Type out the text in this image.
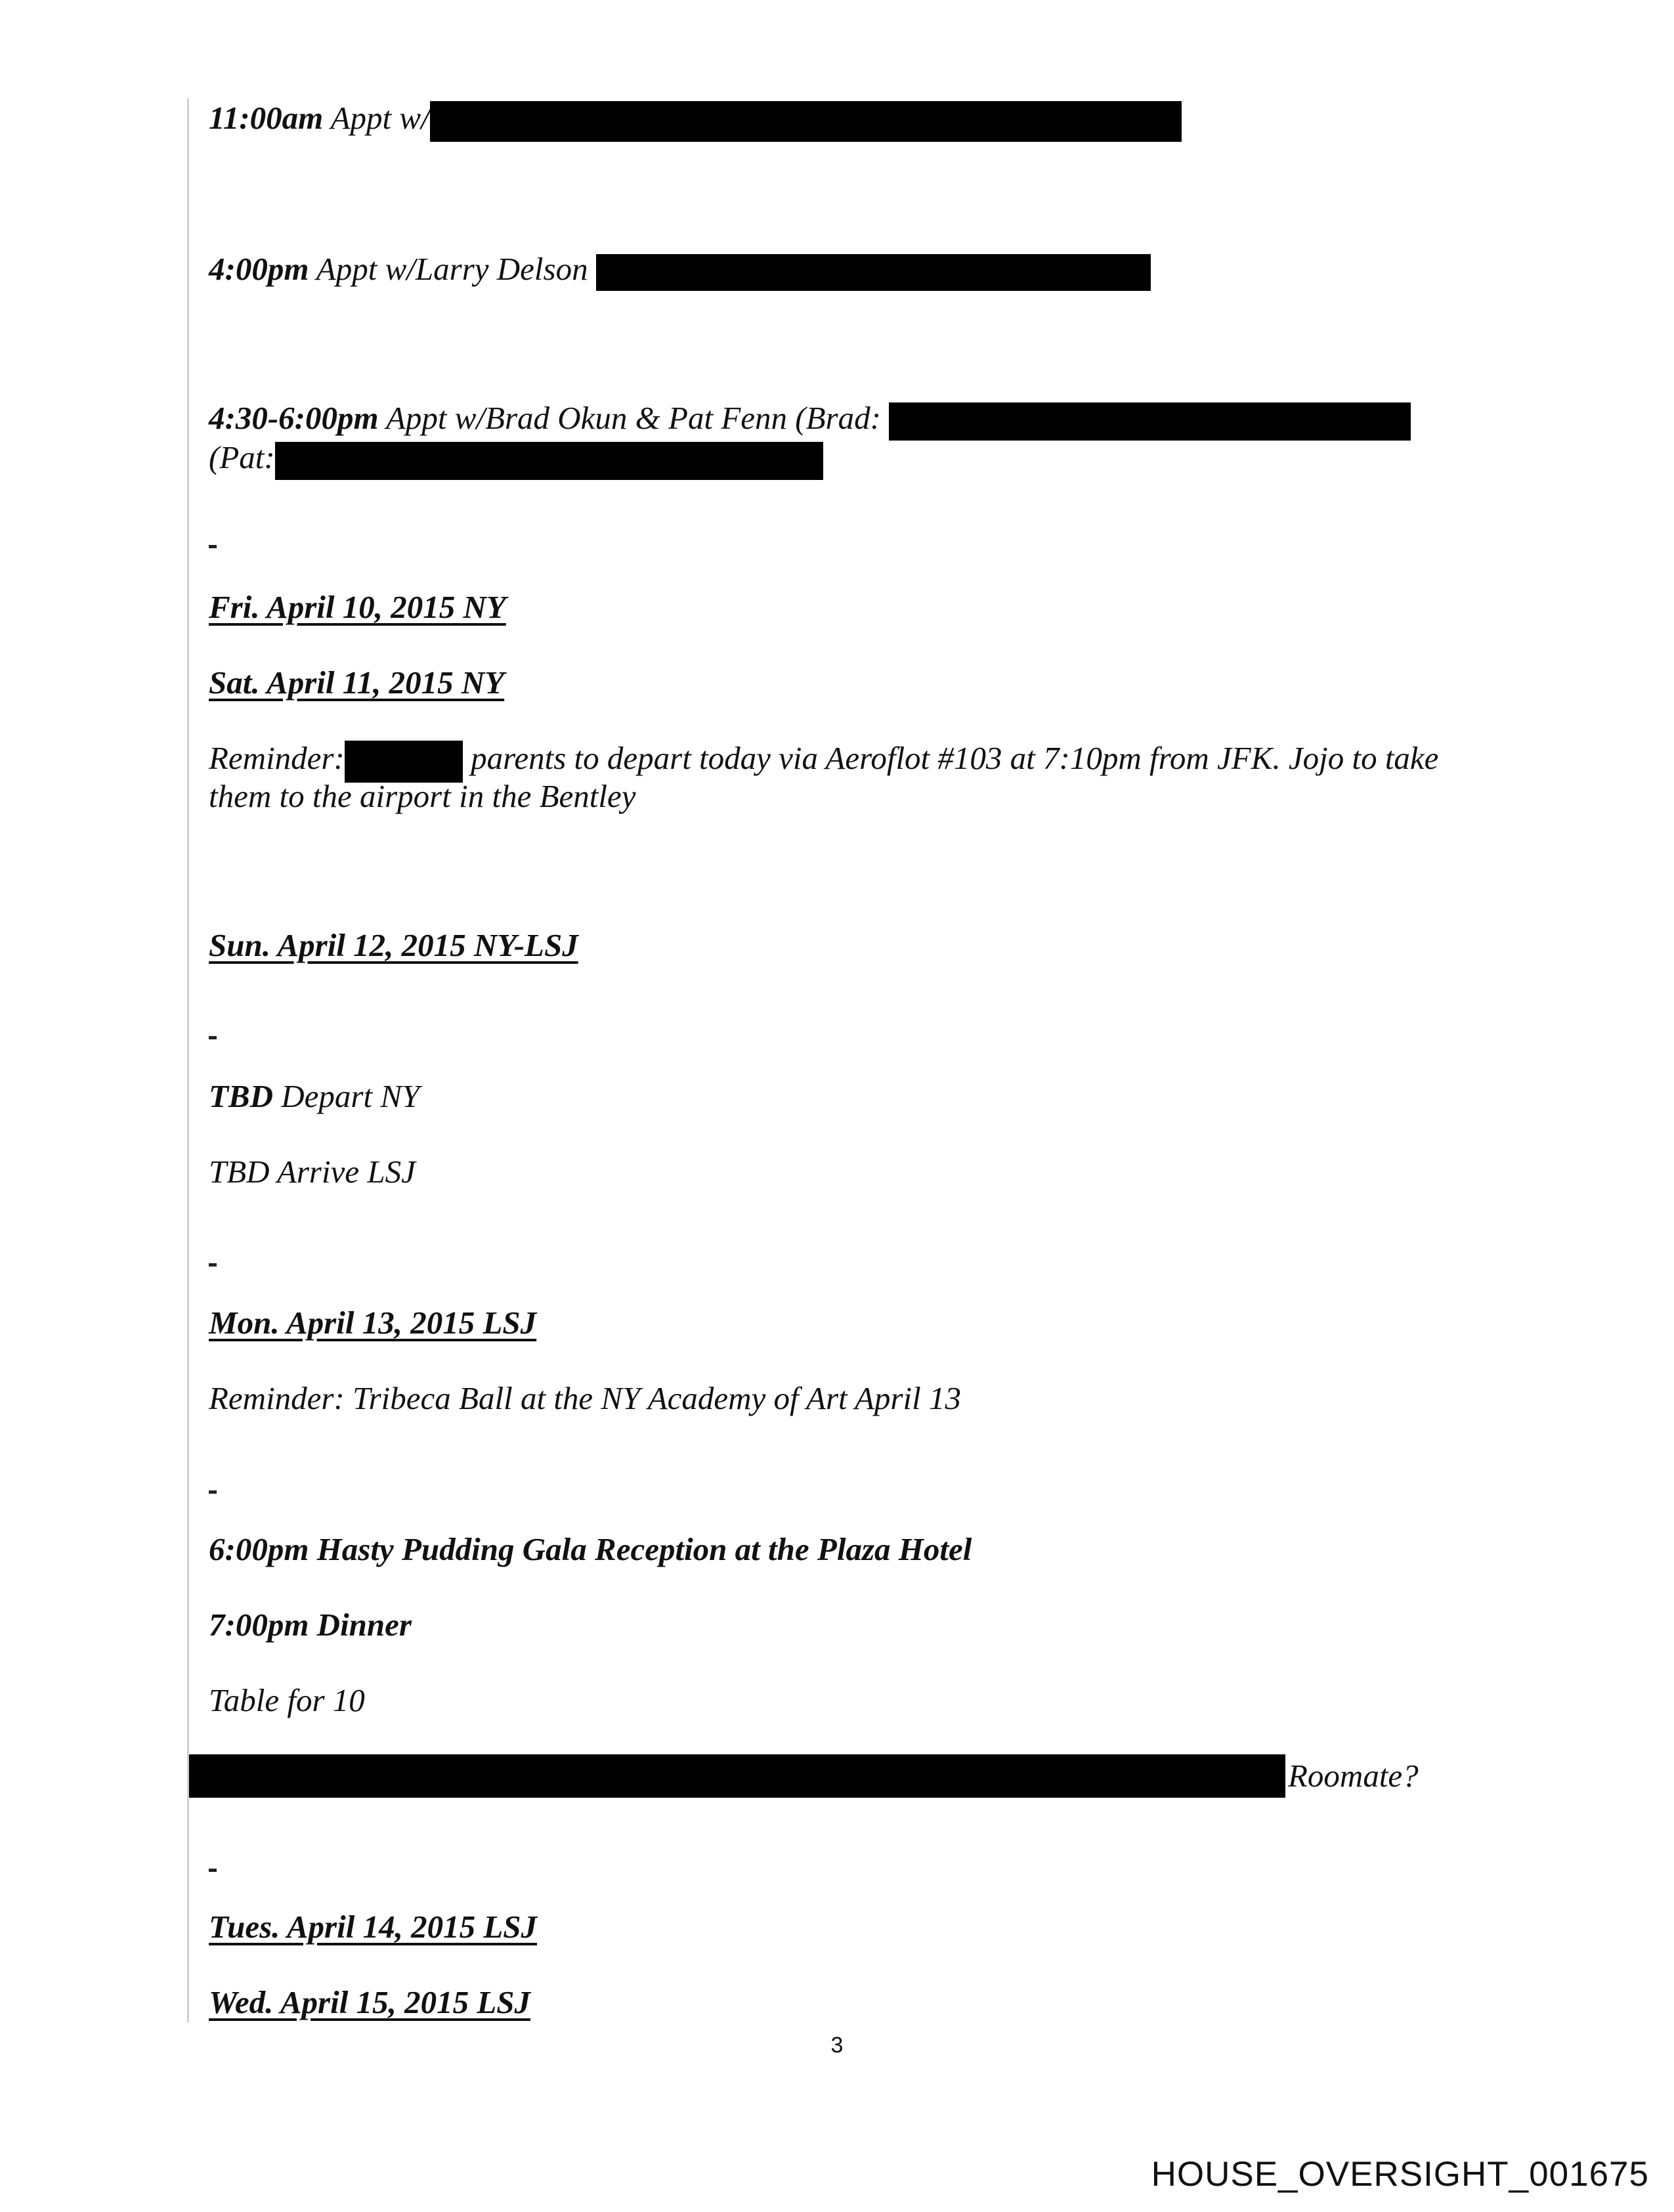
11:00am Appt w/
4:00pm Appt w/Larry Delson
4:30-6:00pm Appt w/Brad Okun & Pat Fenn (Brad:
(Pat:
Fri. April 10, 2015 NY
Sat. April 11, 2015 NY
Reminder:	parents to depart today via Aeroflot #103 at 7:10pm from JFK. Jojo to take
them to the airport in the Bentley
Sun. April 12, 2015 NY-LSJ
TBD Depart NY
TBD Arrive LSJ
Mon. April 13, 2015 LSJ
Reminder: Tribeca Ball at the NY Academy of Art April 13
6:00pm Hasty Pudding Gala Reception at the Plaza Hotel
7:00pm Dinner
Table for 10
Roomate?
Tues. April 14, 2015 LSJ
Wed. April 15, 2015 LSJ
3
HOUSE_OVERSIGHT_001675
